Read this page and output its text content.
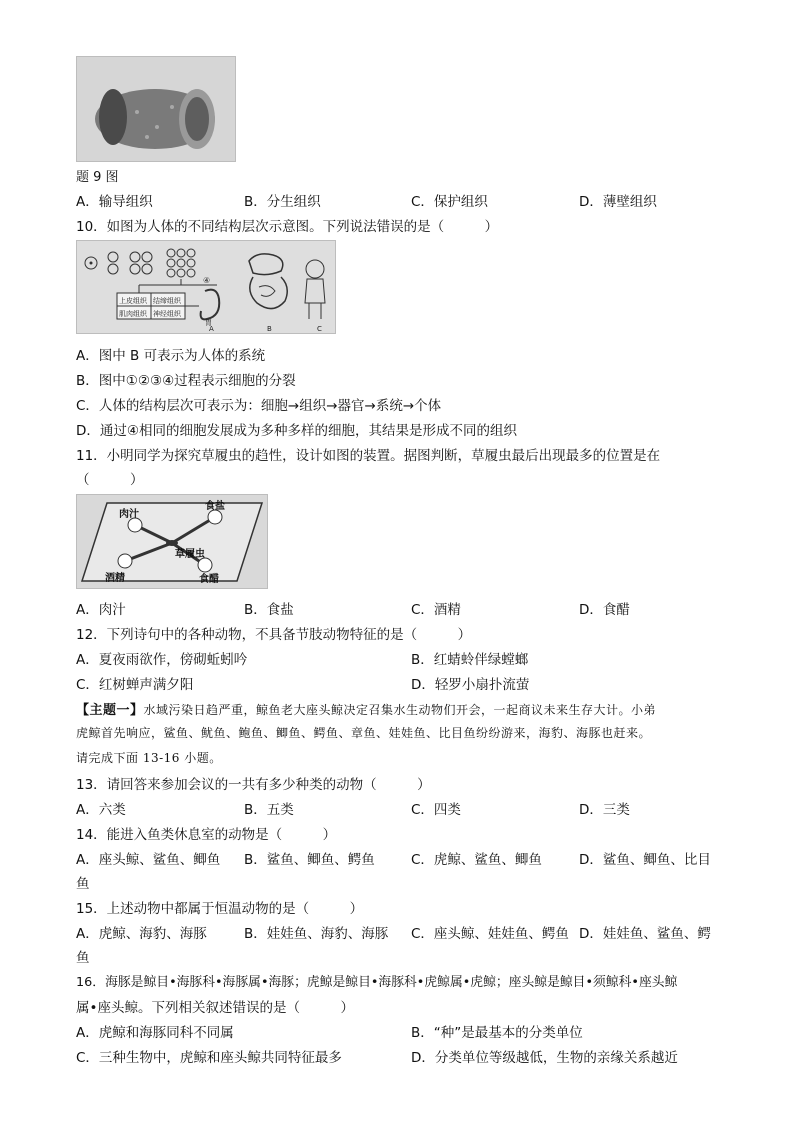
题 9 图
A．输导组织	B．分生组织	C．保护组织	D．薄壁组织
10．如图为人体的不同结构层次示意图。下列说法错误的是（　　　）
④
上皮组织 结缔组织
肌肉组织 神经组织
胃
A	B	C
A．图中 B 可表示为人体的系统
B．图中①②③④过程表示细胞的分裂
C．人体的结构层次可表示为：细胞→组织→器官→系统→个体
D．通过④相同的细胞发展成为多种多样的细胞，其结果是形成不同的组织
11．小明同学为探究草履虫的趋性，设计如图的装置。据图判断，草履虫最后出现最多的位置是在
（　　　）
肉汁
食盐
草履虫
酒精	食醋
A．肉汁	B．食盐	C．酒精	D．食醋
12．下列诗句中的各种动物，不具备节肢动物特征的是（　　　）
A．夏夜雨欲作，傍砌蚯蚓吟	B．红蜻蛉伴绿螳螂
C．红树蝉声满夕阳	D．轻罗小扇扑流萤
【主题一】水域污染日趋严重，鲸鱼老大座头鲸决定召集水生动物们开会，一起商议未来生存大计。小弟
虎鲸首先响应，鲨鱼、鱿鱼、鲍鱼、鲫鱼、鳄鱼、章鱼、娃娃鱼、比目鱼纷纷游来，海豹、海豚也赶来。
请完成下面 13-16 小题。
13．请回答来参加会议的一共有多少种类的动物（　　　）
A．六类	B．五类	C．四类	D．三类
14．能进入鱼类休息室的动物是（　　　）
A．座头鲸、鲨鱼、鲫鱼 B．鲨鱼、鲫鱼、鳄鱼	C．虎鲸、鲨鱼、鲫鱼	D．鲨鱼、鲫鱼、比目
鱼
15．上述动物中都属于恒温动物的是（　　　）
A．虎鲸、海豹、海豚	B．娃娃鱼、海豹、海豚 C．座头鲸、娃娃鱼、鳄鱼 D．娃娃鱼、鲨鱼、鳄
鱼
16．海豚是鲸目•海豚科•海豚属•海豚；虎鲸是鲸目•海豚科•虎鲸属•虎鲸；座头鲸是鲸目•须鲸科•座头鲸
属•座头鲸。下列相关叙述错误的是（　　　）
A．虎鲸和海豚同科不同属	B．“种”是最基本的分类单位
C．三种生物中，虎鲸和座头鲸共同特征最多	D．分类单位等级越低，生物的亲缘关系越近
